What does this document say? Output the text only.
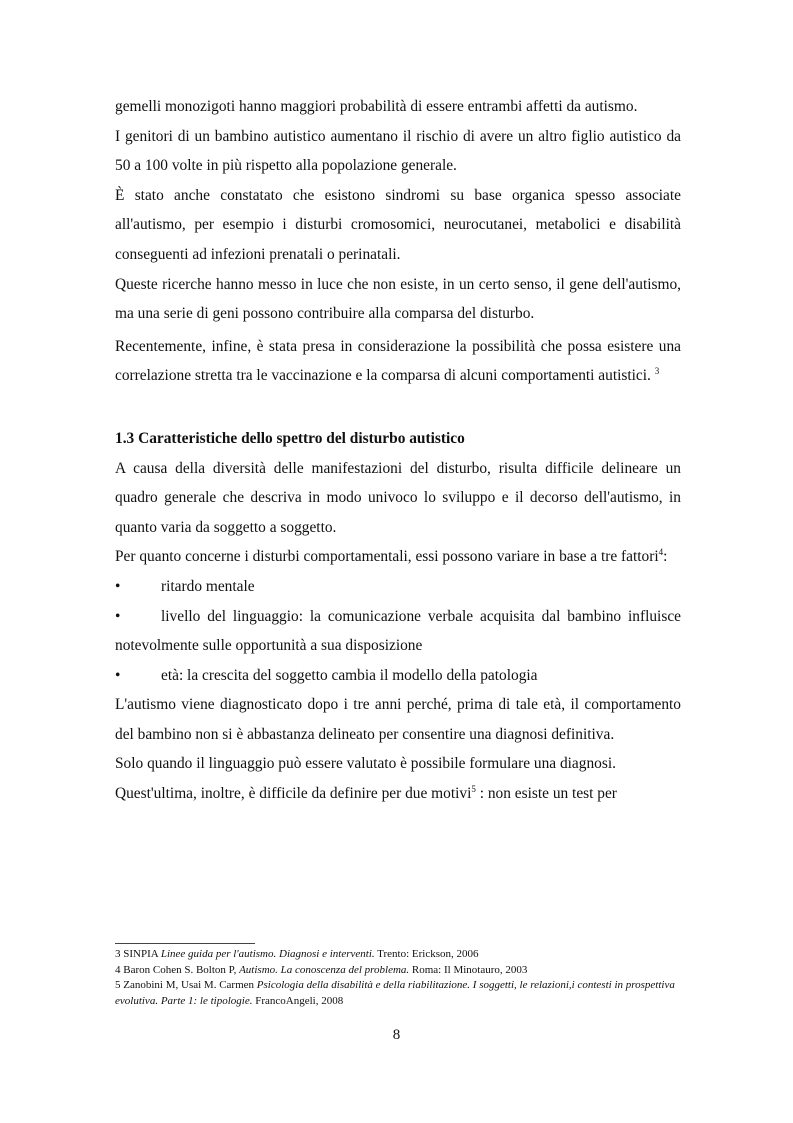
gemelli monozigoti hanno maggiori probabilità di essere entrambi affetti da autismo.

I genitori di un bambino autistico aumentano il rischio di avere un altro figlio autistico da 50 a 100 volte in più rispetto alla popolazione generale.

È stato anche constatato che esistono sindromi su base organica spesso associate all'autismo, per esempio i disturbi cromosomici, neurocutanei, metabolici e disabilità conseguenti ad infezioni prenatali o perinatali.

Queste ricerche hanno messo in luce che non esiste, in un certo senso, il gene dell'autismo, ma una serie di geni possono contribuire alla comparsa del disturbo.

Recentemente, infine, è stata presa in considerazione la possibilità che possa esistere una correlazione stretta tra le vaccinazione e la comparsa di alcuni comportamenti autistici. $^3$

1.3 Caratteristiche dello spettro del disturbo autistico

A causa della diversità delle manifestazioni del disturbo, risulta difficile delineare un quadro generale che descriva in modo univoco lo sviluppo e il decorso dell'autismo, in quanto varia da soggetto a soggetto.

Per quanto concerne i disturbi comportamentali, essi possono variare in base a tre fattori$^4$:

•	ritardo mentale

•	livello del linguaggio: la comunicazione verbale acquisita dal bambino influisce notevolmente sulle opportunità a sua disposizione

•	età: la crescita del soggetto cambia il modello della patologia

L'autismo viene diagnosticato dopo i tre anni perché, prima di tale età, il comportamento del bambino non si è abbastanza delineato per consentire una diagnosi definitiva.

Solo quando il linguaggio può essere valutato è possibile formulare una diagnosi.

Quest'ultima, inoltre, è difficile da definire per due motivi$^5$ : non esiste un test per

3 SINPIA Linee guida per l'autismo. Diagnosi e interventi. Trento: Erickson, 2006

4 Baron Cohen S. Bolton P, Autismo. La conoscenza del problema. Roma: Il Minotauro, 2003

5 Zanobini M, Usai M. Carmen Psicologia della disabilità e della riabilitazione. I soggetti, le relazioni,i contesti in prospettiva evolutiva. Parte 1: le tipologie. FrancoAngeli, 2008

8
